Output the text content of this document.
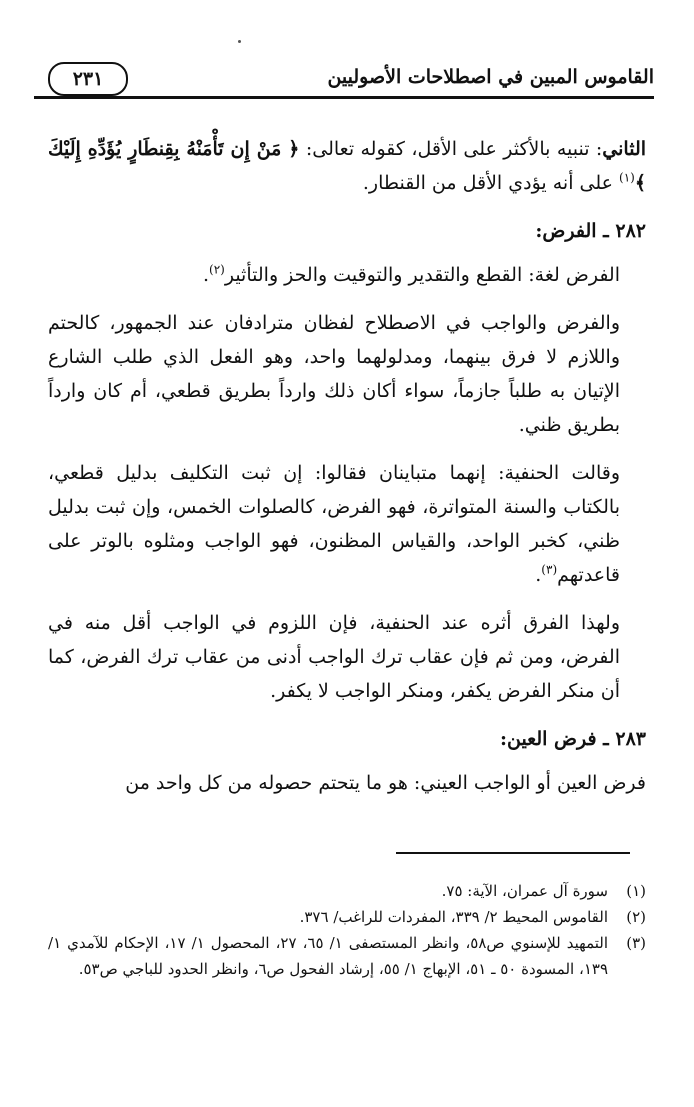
القاموس المبين في اصطلاحات الأصوليين
٢٣١

الثاني: تنبيه بالأكثر على الأقل، كقوله تعالى: ﴿ مَنْ إِن تَأْمَنْهُ بِقِنطَارٍ يُؤَدِّهِ إِلَيْكَ ﴾$^{(١)}$ على أنه يؤدي الأقل من القنطار.

٢٨٢ ـ الفرض:

الفرض لغة: القطع والتقدير والتوقيت والحز والتأثير$^{(٢)}$.

والفرض والواجب في الاصطلاح لفظان مترادفان عند الجمهور، كالحتم واللازم لا فرق بينهما، ومدلولهما واحد، وهو الفعل الذي طلب الشارع الإتيان به طلباً جازماً، سواء أكان ذلك وارداً بطريق قطعي، أم كان وارداً بطريق ظني.

وقالت الحنفية: إنهما متباينان فقالوا: إن ثبت التكليف بدليل قطعي، بالكتاب والسنة المتواترة، فهو الفرض، كالصلوات الخمس، وإن ثبت بدليل ظني، كخبر الواحد، والقياس المظنون، فهو الواجب ومثلوه بالوتر على قاعدتهم$^{(٣)}$.

ولهذا الفرق أثره عند الحنفية، فإن اللزوم في الواجب أقل منه في الفرض، ومن ثم فإن عقاب ترك الواجب أدنى من عقاب ترك الفرض، كما أن منكر الفرض يكفر، ومنكر الواجب لا يكفر.

٢٨٣ ـ فرض العين:

فرض العين أو الواجب العيني: هو ما يتحتم حصوله من كل واحد من

(١)
سورة آل عمران، الآية: ٧٥.
(٢)
القاموس المحيط ٢/ ٣٣٩، المفردات للراغب/ ٣٧٦.
(٣)
التمهيد للإسنوي ص٥٨، وانظر المستصفى ١/ ٦٥، ٢٧، المحصول ١/ ١٧، الإحكام للآمدي ١/ ١٣٩، المسودة ٥٠ ـ ٥١، الإبهاج ١/ ٥٥، إرشاد الفحول ص٦، وانظر الحدود للباجي ص٥٣.
